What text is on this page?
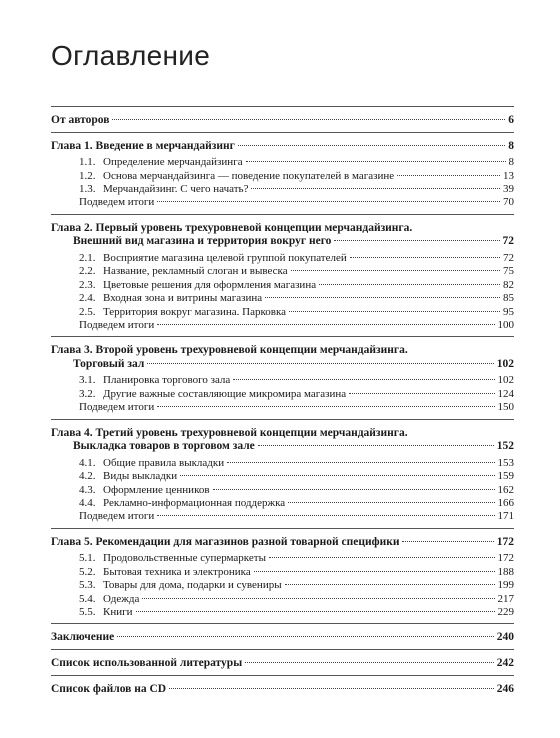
Оглавление
От авторов	6
Глава 1. Введение в мерчандайзинг	8
1.1. Определение мерчандайзинга	8
1.2. Основа мерчандайзинга — поведение покупателей в магазине	13
1.3. Мерчандайзинг. С чего начать?	39
Подведем итоги	70
Глава 2. Первый уровень трехуровневой концепции мерчандайзинга.
Внешний вид магазина и территория вокруг него	72
2.1. Восприятие магазина целевой группой покупателей	72
2.2. Название, рекламный слоган и вывеска	75
2.3. Цветовые решения для оформления магазина	82
2.4. Входная зона и витрины магазина	85
2.5. Территория вокруг магазина. Парковка	95
Подведем итоги	100
Глава 3. Второй уровень трехуровневой концепции мерчандайзинга.
Торговый зал	102
3.1. Планировка торгового зала	102
3.2. Другие важные составляющие микромира магазина	124
Подведем итоги	150
Глава 4. Третий уровень трехуровневой концепции мерчандайзинга.
Выкладка товаров в торговом зале	152
4.1. Общие правила выкладки	153
4.2. Виды выкладки	159
4.3. Оформление ценников	162
4.4. Рекламно-информационная поддержка	166
Подведем итоги	171
Глава 5. Рекомендации для магазинов разной товарной специфики	172
5.1. Продовольственные супермаркеты	172
5.2. Бытовая техника и электроника	188
5.3. Товары для дома, подарки и сувениры	199
5.4. Одежда	217
5.5. Книги	229
Заключение	240
Список использованной литературы	242
Список файлов на CD	246
